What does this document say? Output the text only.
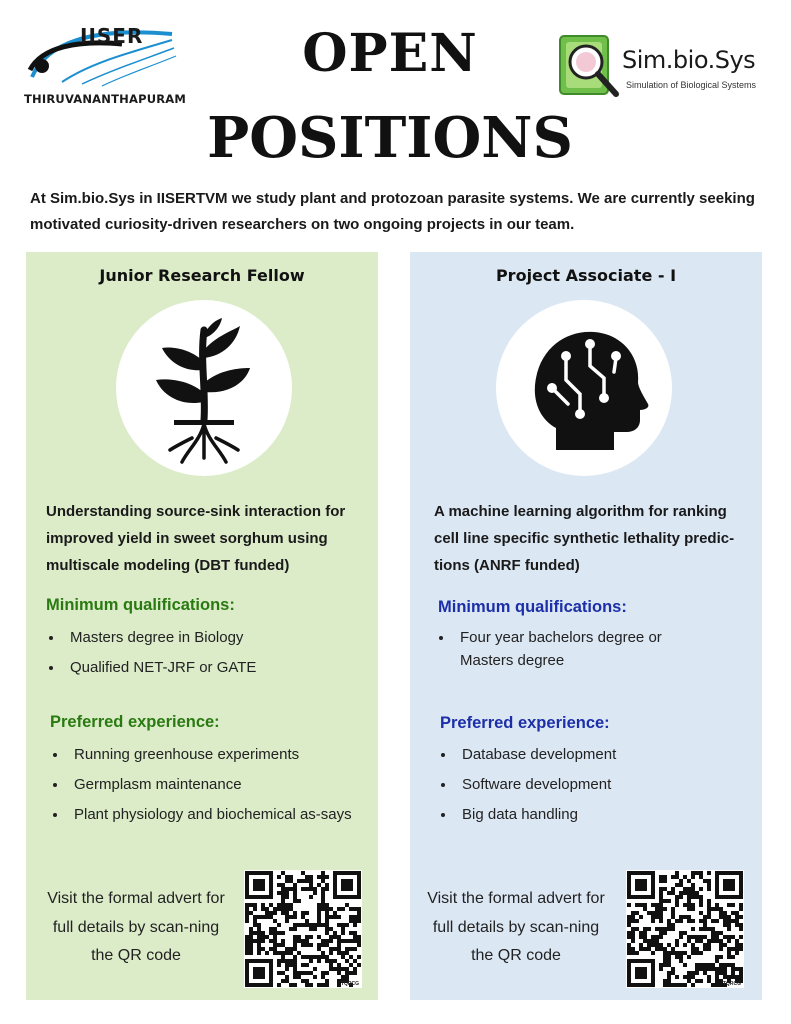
IISER
THIRUVANANTHAPURAM
OPEN
POSITIONS
Sim.bio.Sys
Simulation of Biological Systems

At Sim.bio.Sys in IISERTVM we study plant and protozoan parasite systems. We are currently seeking motivated curiosity-driven researchers on two ongoing projects in our team.

Junior Research Fellow

Understanding source-sink interaction for improved yield in sweet sorghum using multiscale modeling (DBT funded)

Minimum qualifications:
Masters degree in Biology
Qualified NET-JRF or GATE
Preferred experience:
Running greenhouse experiments
Germplasm maintenance
Plant physiology and biochemical as-says

Visit the formal advert for full details by scan-ning the QR code

TQRCG
Project Associate - I

A machine learning algorithm for ranking cell line specific synthetic lethality predic-tions (ANRF funded)

Minimum qualifications:
Four year bachelors degree or Masters degree
Preferred experience:
Database development
Software development
Big data handling

Visit the formal advert for full details by scan-ning the QR code

TQRCG
